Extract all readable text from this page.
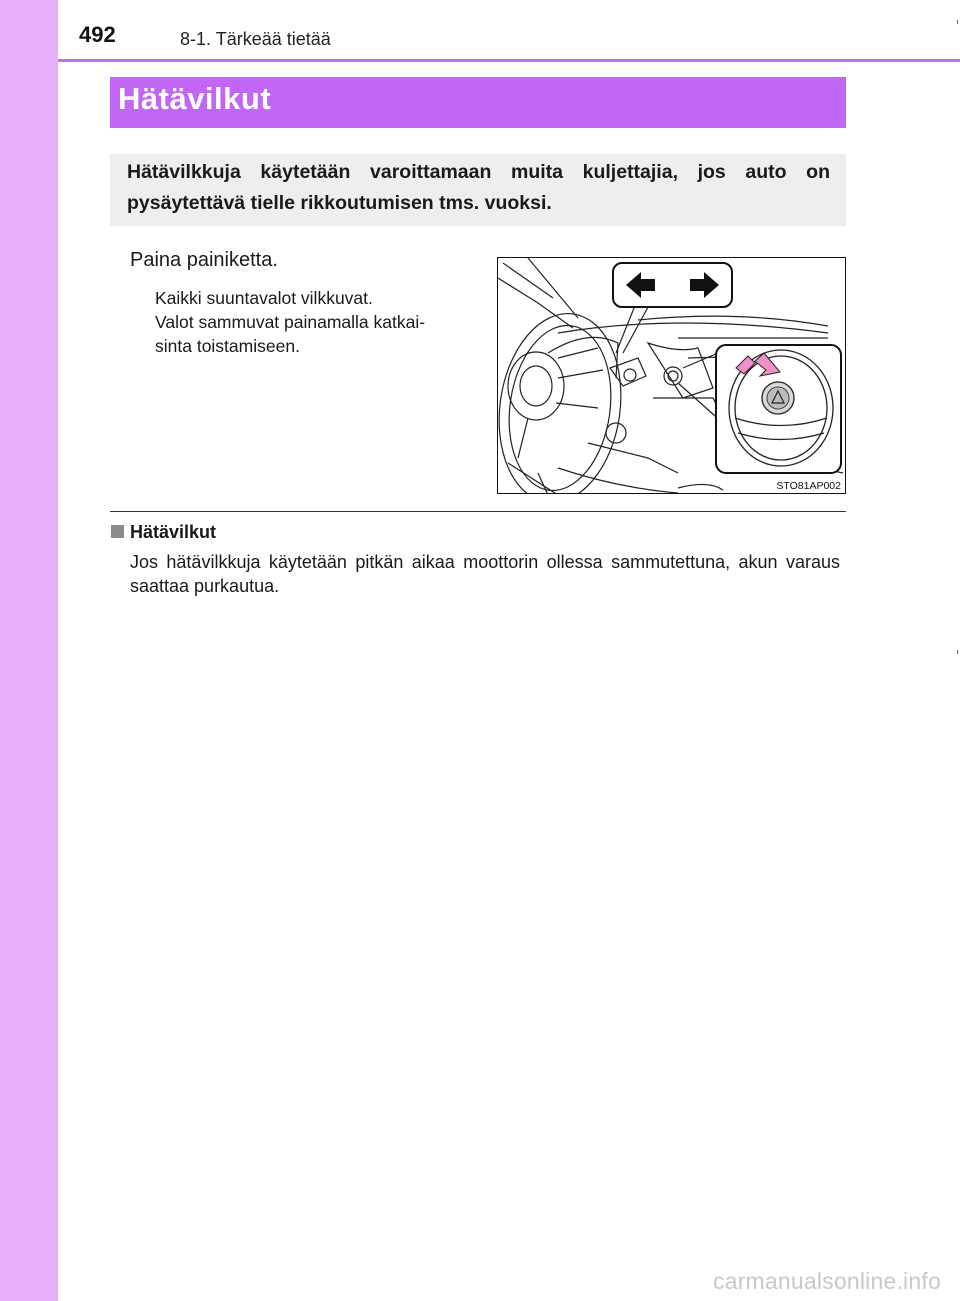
492	8-1. Tärkeää tietää
Hätävilkut
Hätävilkkuja käytetään varoittamaan muita kuljettajia, jos auto on pysäytettävä tielle rikkoutumisen tms. vuoksi.
Paina painiketta.
Kaikki suuntavalot vilkkuvat.
Valot sammuvat painamalla katkai-
sinta toistamiseen.
STO81AP002
Hätävilkut
Jos hätävilkkuja käytetään pitkän aikaa moottorin ollessa sammutettuna, akun varaus saattaa purkautua.
carmanualsonline.info
